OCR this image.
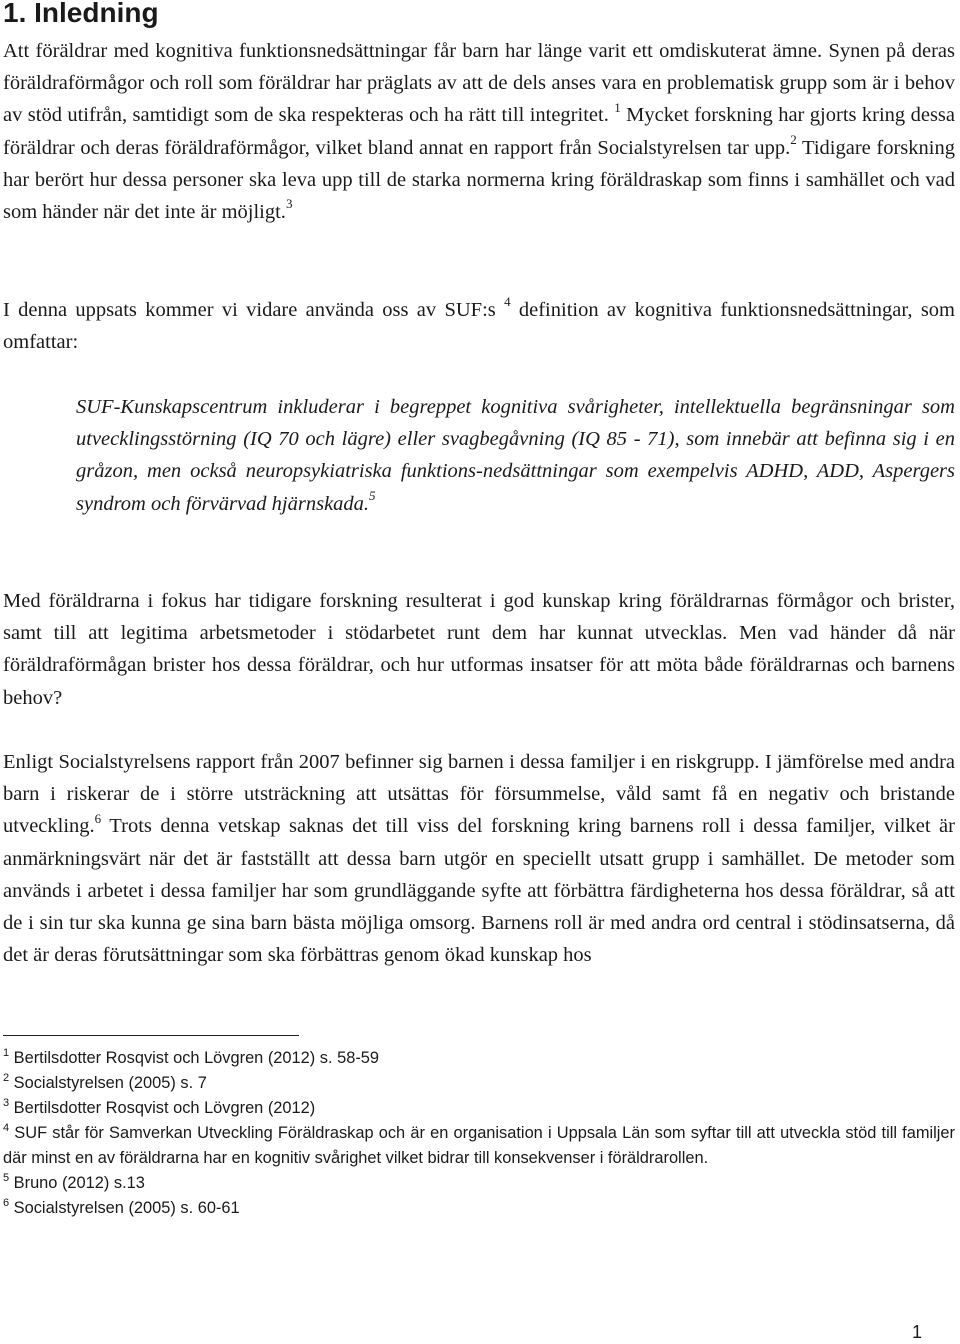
1. Inledning

Att föräldrar med kognitiva funktionsnedsättningar får barn har länge varit ett omdiskuterat ämne. Synen på deras föräldraförmågor och roll som föräldrar har präglats av att de dels anses vara en problematisk grupp som är i behov av stöd utifrån, samtidigt som de ska respekteras och ha rätt till integritet. $^1$ Mycket forskning har gjorts kring dessa föräldrar och deras föräldraförmågor, vilket bland annat en rapport från Socialstyrelsen tar upp.$^2$ Tidigare forskning har berört hur dessa personer ska leva upp till de starka normerna kring föräldraskap som finns i samhället och vad som händer när det inte är möjligt.$^3$

I denna uppsats kommer vi vidare använda oss av SUF:s $^4$ definition av kognitiva funktionsnedsättningar, som omfattar:

SUF-Kunskapscentrum inkluderar i begreppet kognitiva svårigheter, intellektuella begränsningar som utvecklingsstörning (IQ 70 och lägre) eller svagbegåvning (IQ 85 - 71), som innebär att befinna sig i en gråzon, men också neuropsykiatriska funktions-nedsättningar som exempelvis ADHD, ADD, Aspergers syndrom och förvärvad hjärnskada.$^5$

Med föräldrarna i fokus har tidigare forskning resulterat i god kunskap kring föräldrarnas förmågor och brister, samt till att legitima arbetsmetoder i stödarbetet runt dem har kunnat utvecklas. Men vad händer då när föräldraförmågan brister hos dessa föräldrar, och hur utformas insatser för att möta både föräldrarnas och barnens behov?

Enligt Socialstyrelsens rapport från 2007 befinner sig barnen i dessa familjer i en riskgrupp. I jämförelse med andra barn i riskerar de i större utsträckning att utsättas för försummelse, våld samt få en negativ och bristande utveckling.$^6$ Trots denna vetskap saknas det till viss del forskning kring barnens roll i dessa familjer, vilket är anmärkningsvärt när det är fastställt att dessa barn utgör en speciellt utsatt grupp i samhället. De metoder som används i arbetet i dessa familjer har som grundläggande syfte att förbättra färdigheterna hos dessa föräldrar, så att de i sin tur ska kunna ge sina barn bästa möjliga omsorg. Barnens roll är med andra ord central i stödinsatserna, då det är deras förutsättningar som ska förbättras genom ökad kunskap hos

$^1$ Bertilsdotter Rosqvist och Lövgren (2012) s. 58-59
$^2$ Socialstyrelsen (2005) s. 7
$^3$ Bertilsdotter Rosqvist och Lövgren (2012)
$^4$ SUF står för Samverkan Utveckling Föräldraskap och är en organisation i Uppsala Län som syftar till att utveckla stöd till familjer där minst en av föräldrarna har en kognitiv svårighet vilket bidrar till konsekvenser i föräldrarollen.
$^5$ Bruno (2012) s.13
$^6$ Socialstyrelsen (2005) s. 60-61
1
